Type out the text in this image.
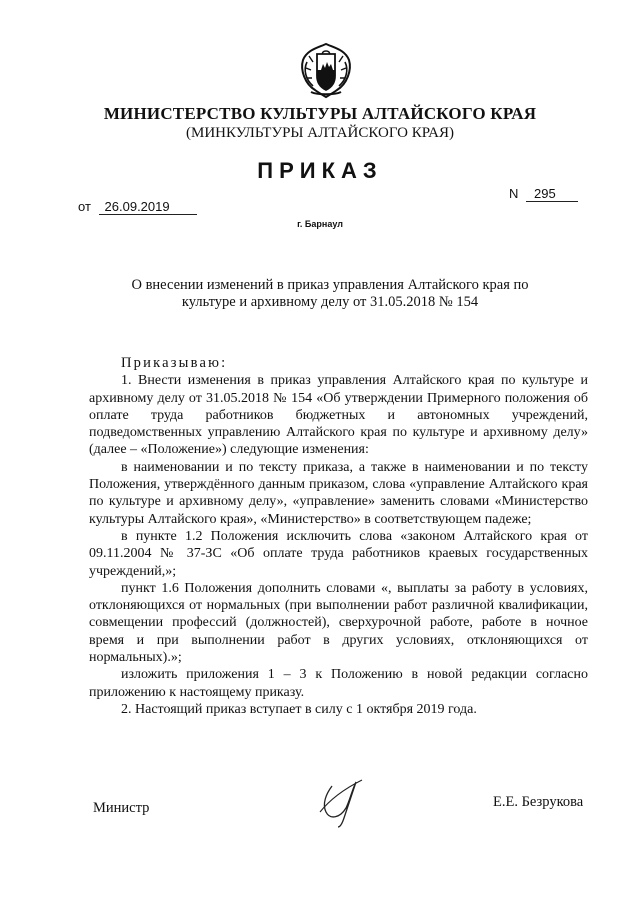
МИНИСТЕРСТВО КУЛЬТУРЫ АЛТАЙСКОГО КРАЯ
(МИНКУЛЬТУРЫ АЛТАЙСКОГО КРАЯ)
ПРИКАЗ
от 26.09.2019
N 295
г. Барнаул
О внесении изменений в приказ управления Алтайского края по культуре и архивному делу от 31.05.2018 № 154

Приказываю:

1. Внести изменения в приказ управления Алтайского края по культуре и архивному делу от 31.05.2018 № 154 «Об утверждении Примерного положения об оплате труда работников бюджетных и автономных учреждений, подведомственных управлению Алтайского края по культуре и архивному делу» (далее – «Положение») следующие изменения:

в наименовании и по тексту приказа, а также в наименовании и по тексту Положения, утверждённого данным приказом, слова «управление Алтайского края по культуре и архивному делу», «управление» заменить словами «Министерство культуры Алтайского края», «Министерство» в соответствующем падеже;

в пункте 1.2 Положения исключить слова «законом Алтайского края от 09.11.2004 № 37-ЗС «Об оплате труда работников краевых государственных учреждений,»;

пункт 1.6 Положения дополнить словами «, выплаты за работу в условиях, отклоняющихся от нормальных (при выполнении работ различной квалификации, совмещении профессий (должностей), сверхурочной работе, работе в ночное время и при выполнении работ в других условиях, отклоняющихся от нормальных).»;

изложить приложения 1 – 3 к Положению в новой редакции согласно приложению к настоящему приказу.

2. Настоящий приказ вступает в силу с 1 октября 2019 года.

Министр	Е.Е. Безрукова
